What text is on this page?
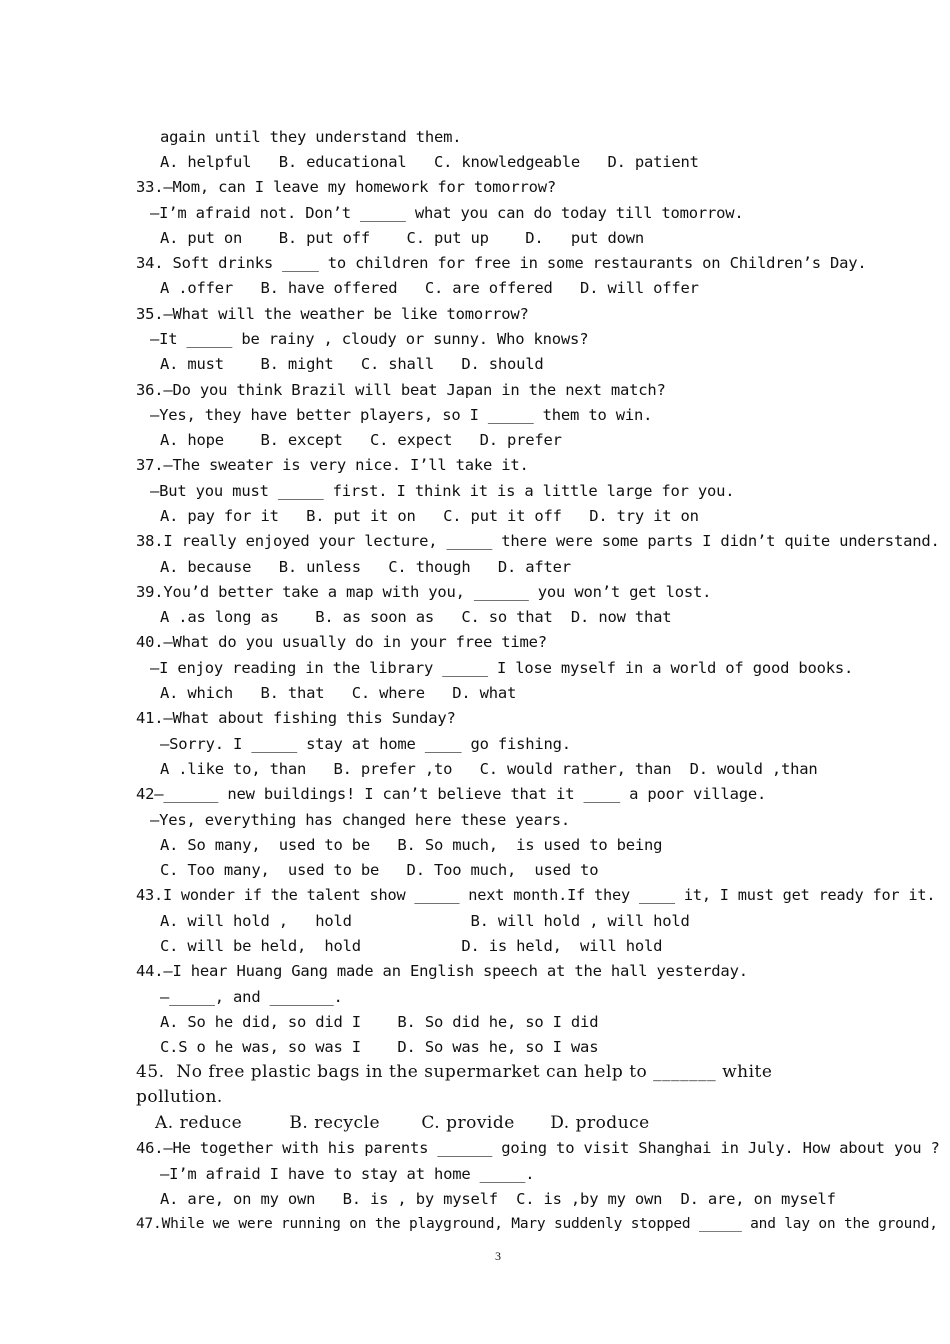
again until they understand them.
A. helpful   B. educational   C. knowledgeable   D. patient
33.—Mom, can I leave my homework for tomorrow?
—I’m afraid not. Don’t _____ what you can do today till tomorrow.
A. put on    B. put off    C. put up    D.   put down
34. Soft drinks ____ to children for free in some restaurants on Children’s Day.
A .offer   B. have offered   C. are offered   D. will offer
35.—What will the weather be like tomorrow?
—It _____ be rainy , cloudy or sunny. Who knows?
A. must    B. might   C. shall   D. should
36.—Do you think Brazil will beat Japan in the next match?
—Yes, they have better players, so I _____ them to win.
A. hope    B. except   C. expect   D. prefer
37.—The sweater is very nice. I’ll take it.
—But you must _____ first. I think it is a little large for you.
A. pay for it   B. put it on   C. put it off   D. try it on
38.I really enjoyed your lecture, _____ there were some parts I didn’t quite understand.
A. because   B. unless   C. though   D. after
39.You’d better take a map with you, ______ you won’t get lost.
A .as long as    B. as soon as   C. so that  D. now that
40.—What do you usually do in your free time?
—I enjoy reading in the library _____ I lose myself in a world of good books.
A. which   B. that   C. where   D. what
41.—What about fishing this Sunday?
—Sorry. I _____ stay at home ____ go fishing.
A .like to, than   B. prefer ,to   C. would rather, than  D. would ,than
42—______ new buildings! I can’t believe that it ____ a poor village.
—Yes, everything has changed here these years.
A. So many,  used to be   B. So much,  is used to being
C. Too many,  used to be   D. Too much,  used to
43.I wonder if the talent show _____ next month.If they ____ it, I must get ready for it.
A. will hold ,   hold             B. will hold , will hold
C. will be held,  hold           D. is held,  will hold
44.—I hear Huang Gang made an English speech at the hall yesterday.
—_____, and _______.
A. So he did, so did I    B. So did he, so I did
C.S o he was, so was I    D. So was he, so I was
45.  No free plastic bags in the supermarket can help to _______ white
pollution.
A. reduce        B. recycle       C. provide      D. produce
46.—He together with his parents ______ going to visit Shanghai in July. How about you ?
—I’m afraid I have to stay at home _____.
A. are, on my own   B. is , by myself  C. is ,by my own  D. are, on myself
47.While we were running on the playground, Mary suddenly stopped _____ and lay on the ground,
3
